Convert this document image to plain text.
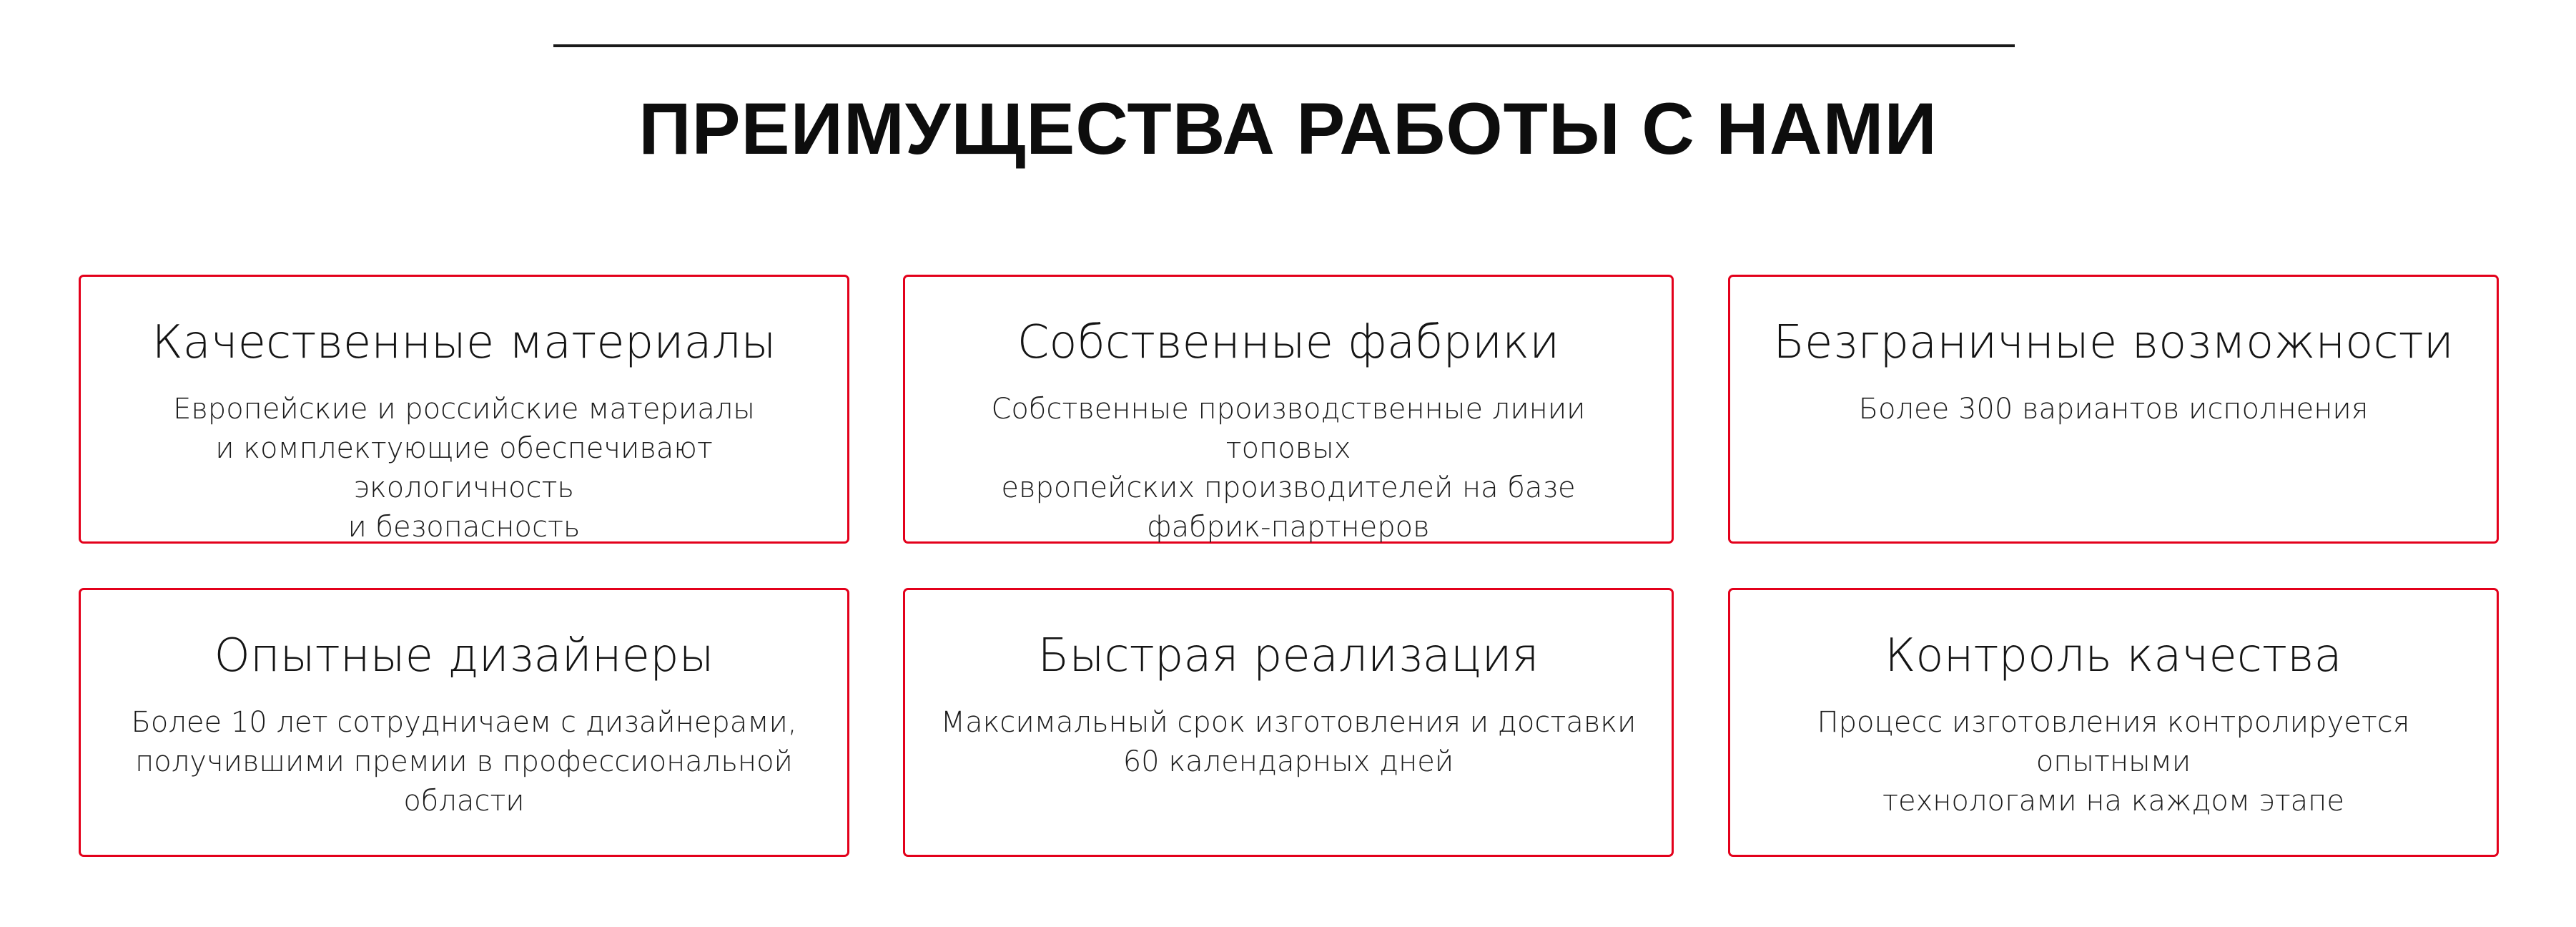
ПРЕИМУЩЕСТВА РАБОТЫ С НАМИ
Качественные материалы
Европейские и российские материалы
и комплектующие обеспечивают экологичность
и безопасность
Собственные фабрики
Собственные производственные линии топовых
европейских производителей на базе
фабрик-партнеров
Безграничные возможности
Более 300 вариантов исполнения
Опытные дизайнеры
Более 10 лет сотрудничаем с дизайнерами,
получившими премии в профессиональной области
Быстрая реализация
Максимальный срок изготовления и доставки
60 календарных дней
Контроль качества
Процесс изготовления контролируется опытными
технологами на каждом этапе
